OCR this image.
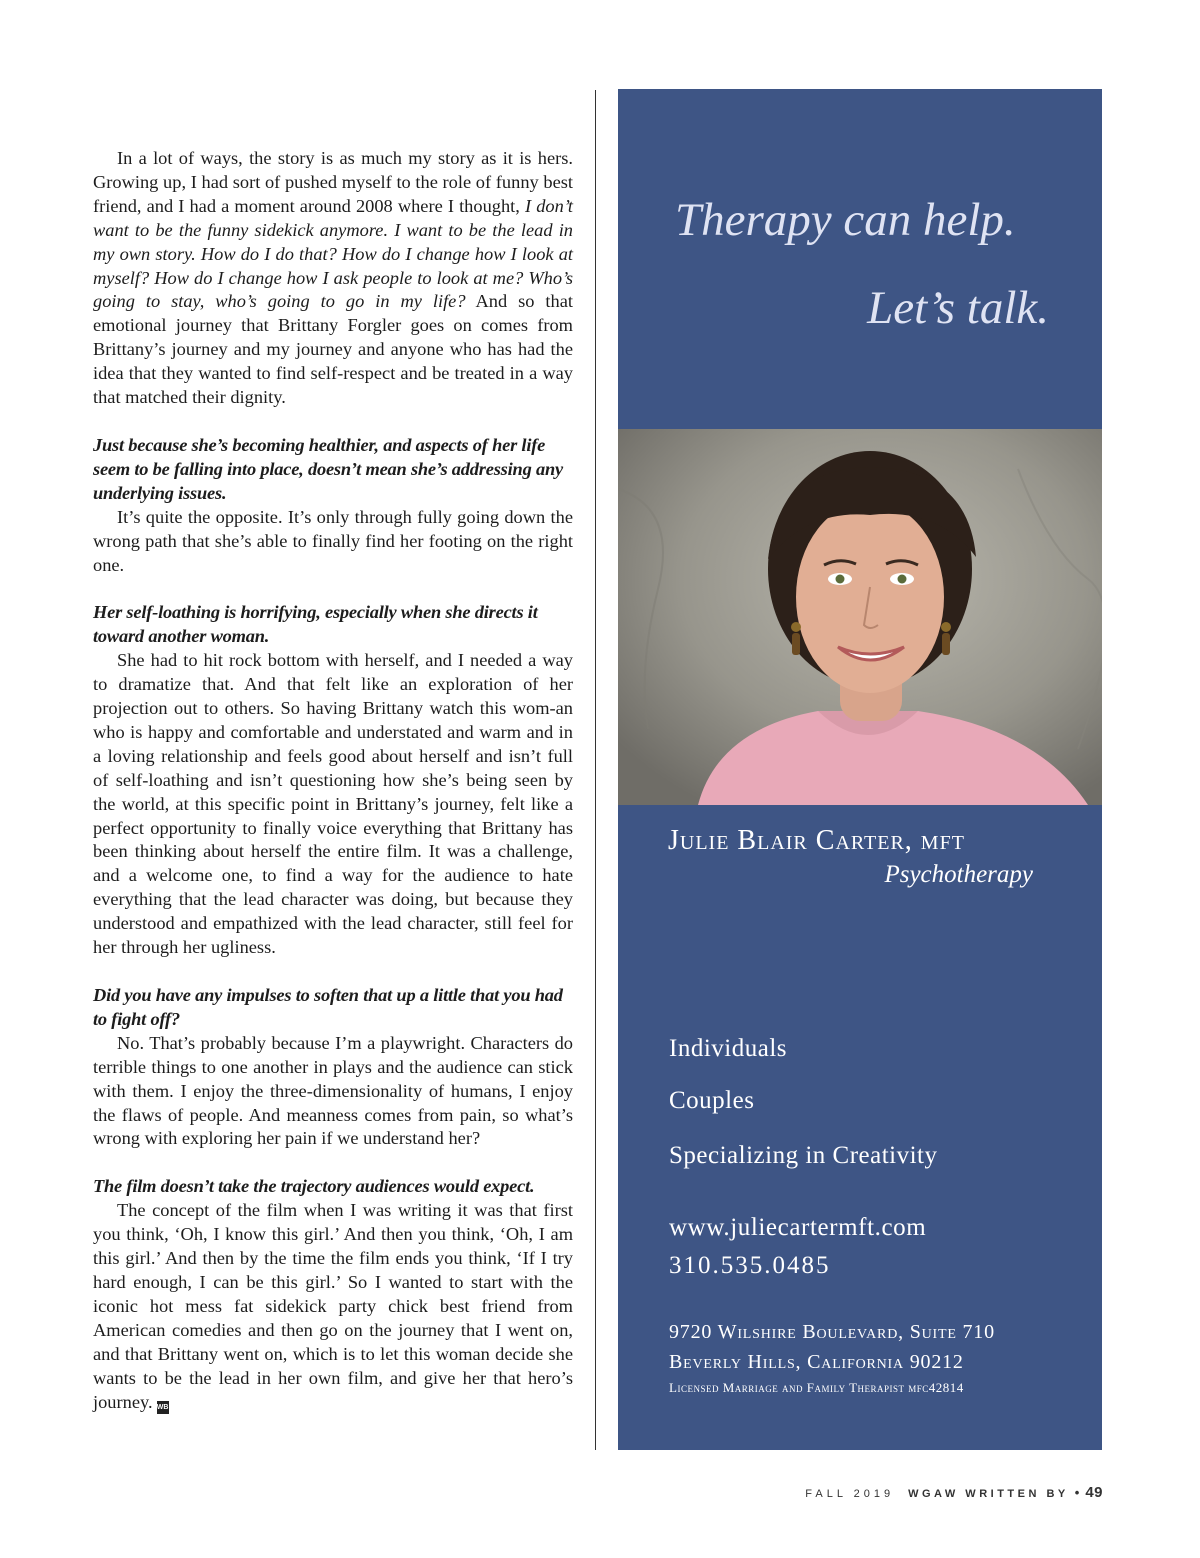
In a lot of ways, the story is as much my story as it is hers. Growing up, I had sort of pushed myself to the role of funny best friend, and I had a moment around 2008 where I thought, I don’t want to be the funny sidekick anymore. I want to be the lead in my own story. How do I do that? How do I change how I look at myself? How do I change how I ask people to look at me? Who’s going to stay, who’s going to go in my life? And so that emotional journey that Brittany Forgler goes on comes from Brittany’s journey and my journey and anyone who has had the idea that they wanted to find self-respect and be treated in a way that matched their dignity.

Just because she’s becoming healthier, and aspects of her life seem to be falling into place, doesn’t mean she’s addressing any underlying issues.

It’s quite the opposite. It’s only through fully going down the wrong path that she’s able to finally find her footing on the right one.

Her self-loathing is horrifying, especially when she directs it toward another woman.

She had to hit rock bottom with herself, and I needed a way to dramatize that. And that felt like an exploration of her projection out to others. So having Brittany watch this wom-an who is happy and comfortable and understated and warm and in a loving relationship and feels good about herself and isn’t full of self-loathing and isn’t questioning how she’s being seen by the world, at this specific point in Brittany’s journey, felt like a perfect opportunity to finally voice everything that Brittany has been thinking about herself the entire film. It was a challenge, and a welcome one, to find a way for the audience to hate everything that the lead character was doing, but because they understood and empathized with the lead character, still feel for her through her ugliness.

Did you have any impulses to soften that up a little that you had to fight off?

No. That’s probably because I’m a playwright. Characters do terrible things to one another in plays and the audience can stick with them. I enjoy the three-dimensionality of humans, I enjoy the flaws of people. And meanness comes from pain, so what’s wrong with exploring her pain if we understand her?

The film doesn’t take the trajectory audiences would expect.

The concept of the film when I was writing it was that first you think, ‘Oh, I know this girl.’ And then you think, ‘Oh, I am this girl.’ And then by the time the film ends you think, ‘If I try hard enough, I can be this girl.’ So I wanted to start with the iconic hot mess fat sidekick party chick best friend from American comedies and then go on the journey that I went on, and that Brittany went on, which is to let this woman decide she wants to be the lead in her own film, and give her that hero’s journey. WB

Therapy can help.
Let’s talk.
Julie Blair Carter, mft
Psychotherapy
Individuals
Couples
Specializing in Creativity
www.juliecartermft.com
310.535.0485
9720 Wilshire Boulevard, Suite 710
Beverly Hills, California 90212
Licensed Marriage and Family Therapist mfc42814
FALL 2019 WGAW WRITTEN BY • 49
